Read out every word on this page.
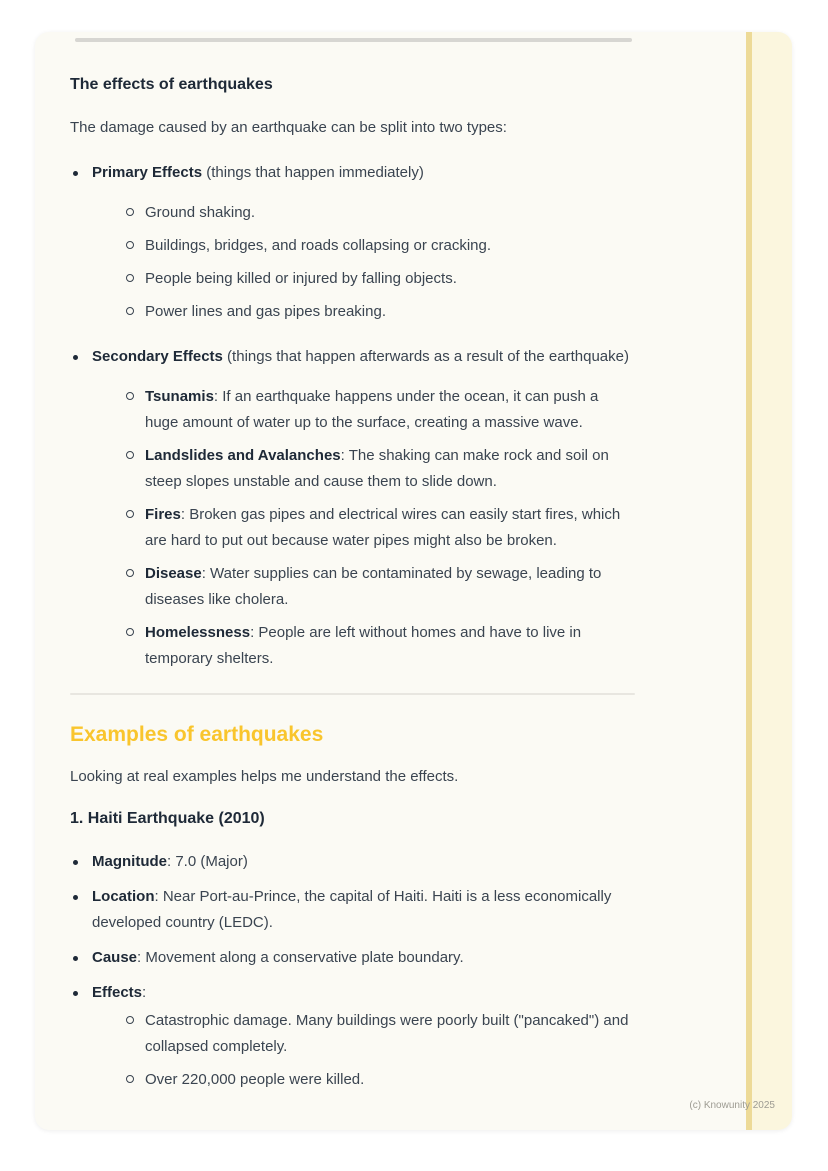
The effects of earthquakes

The damage caused by an earthquake can be split into two types:

Primary Effects (things that happen immediately)

Ground shaking.

Buildings, bridges, and roads collapsing or cracking.

People being killed or injured by falling objects.

Power lines and gas pipes breaking.

Secondary Effects (things that happen afterwards as a result of the earthquake)

Tsunamis: If an earthquake happens under the ocean, it can push a huge amount of water up to the surface, creating a massive wave.

Landslides and Avalanches: The shaking can make rock and soil on steep slopes unstable and cause them to slide down.

Fires: Broken gas pipes and electrical wires can easily start fires, which are hard to put out because water pipes might also be broken.

Disease: Water supplies can be contaminated by sewage, leading to diseases like cholera.

Homelessness: People are left without homes and have to live in temporary shelters.

Examples of earthquakes

Looking at real examples helps me understand the effects.

1. Haiti Earthquake (2010)

Magnitude: 7.0 (Major)

Location: Near Port-au-Prince, the capital of Haiti. Haiti is a less economically developed country (LEDC).

Cause: Movement along a conservative plate boundary.

Effects:

Catastrophic damage. Many buildings were poorly built ("pancaked") and collapsed completely.

Over 220,000 people were killed.

(c) Knowunity 2025
